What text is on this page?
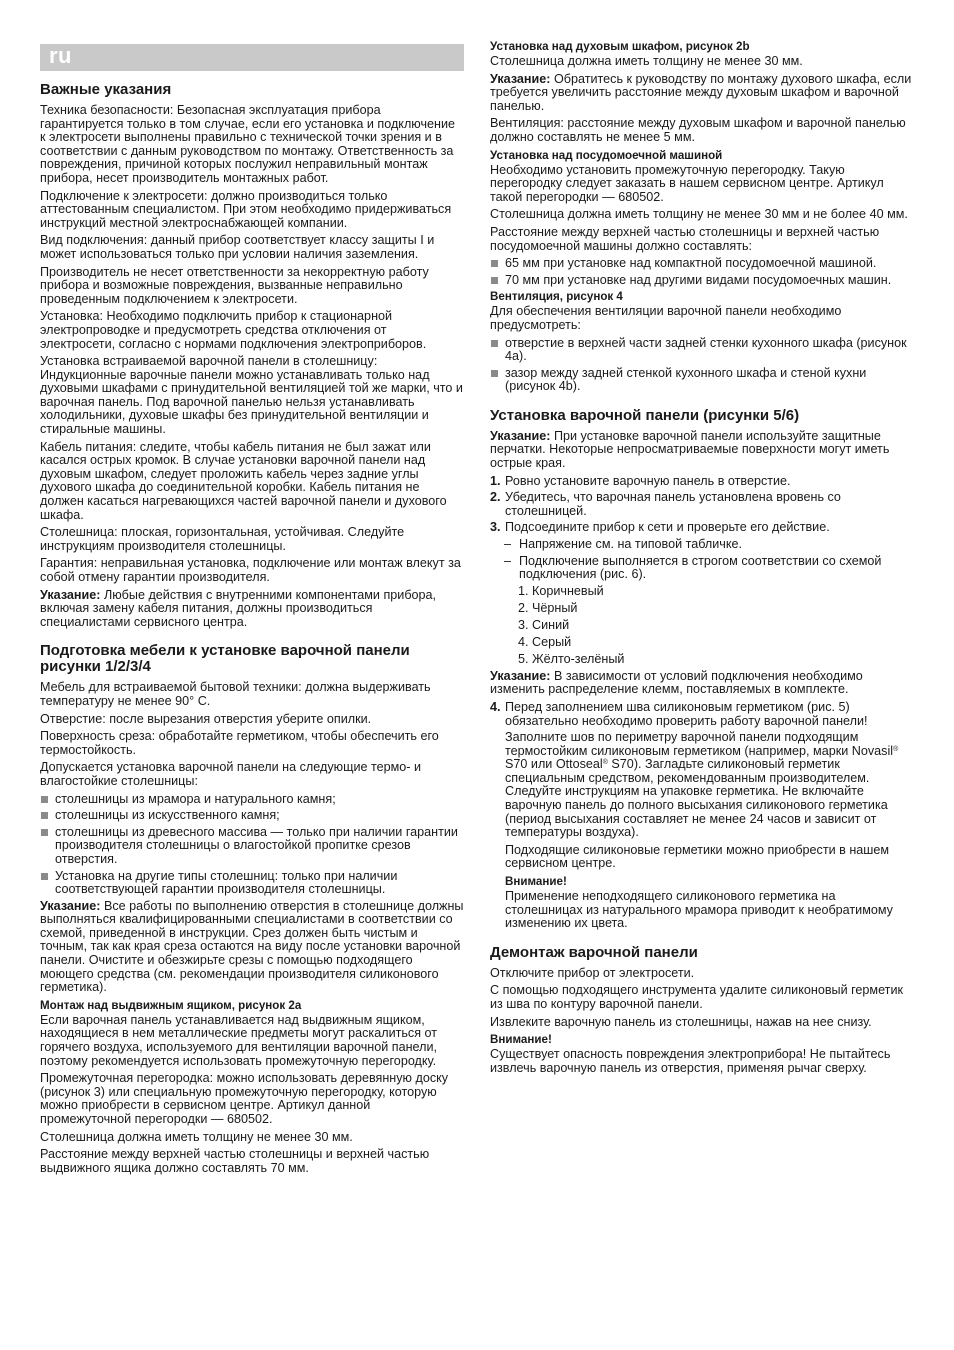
ru
Важные указания

Техника безопасности: Безопасная эксплуатация прибора гарантируется только в том случае, если его установка и подключение к электросети выполнены правильно с технической точки зрения и в соответствии с данным руководством по монтажу. Ответственность за повреждения, причиной которых послужил неправильный монтаж прибора, несет производитель монтажных работ.

Подключение к электросети: должно производиться только аттестованным специалистом. При этом необходимо придерживаться инструкций местной электроснабжающей компании.

Вид подключения: данный прибор соответствует классу защиты I и может использоваться только при условии наличия заземления.

Производитель не несет ответственности за некорректную работу прибора и возможные повреждения, вызванные неправильно проведенным подключением к электросети.

Установка: Необходимо подключить прибор к стационарной электропроводке и предусмотреть средства отключения от электросети, согласно с нормами подключения электроприборов.

Установка встраиваемой варочной панели в столешницу: Индукционные варочные панели можно устанавливать только над духовыми шкафами с принудительной вентиляцией той же марки, что и варочная панель. Под варочной панелью нельзя устанавливать холодильники, духовые шкафы без принудительной вентиляции и стиральные машины.

Кабель питания: следите, чтобы кабель питания не был зажат или касался острых кромок. В случае установки варочной панели над духовым шкафом, следует проложить кабель через задние углы духового шкафа до соединительной коробки. Кабель питания не должен касаться нагревающихся частей варочной панели и духового шкафа.

Столешница: плоская, горизонтальная, устойчивая. Следуйте инструкциям производителя столешницы.

Гарантия: неправильная установка, подключение или монтаж влекут за собой отмену гарантии производителя.

Указание: Любые действия с внутренними компонентами прибора, включая замену кабеля питания, должны производиться специалистами сервисного центра.

Подготовка мебели к установке варочной панели рисунки 1/2/3/4

Мебель для встраиваемой бытовой техники: должна выдерживать температуру не менее 90° C.

Отверстие: после вырезания отверстия уберите опилки.

Поверхность среза: обработайте герметиком, чтобы обеспечить его термостойкость.

Допускается установка варочной панели на следующие термо- и влагостойкие столешницы:

столешницы из мрамора и натурального камня;
столешницы из искусственного камня;
столешницы из древесного массива — только при наличии гарантии производителя столешницы о влагостойкой пропитке срезов отверстия.
Установка на другие типы столешниц: только при наличии соответствующей гарантии производителя столешницы.

Указание: Все работы по выполнению отверстия в столешнице должны выполняться квалифицированными специалистами в соответствии со схемой, приведенной в инструкции. Срез должен быть чистым и точным, так как края среза остаются на виду после установки варочной панели. Очистите и обезжирьте срезы с помощью подходящего моющего средства (см. рекомендации производителя силиконового герметика).

Монтаж над выдвижным ящиком, рисунок 2a

Если варочная панель устанавливается над выдвижным ящиком, находящиеся в нем металлические предметы могут раскалиться от горячего воздуха, используемого для вентиляции варочной панели, поэтому рекомендуется использовать промежуточную перегородку.

Промежуточная перегородка: можно использовать деревянную доску (рисунок 3) или специальную промежуточную перегородку, которую можно приобрести в сервисном центре. Артикул данной промежуточной перегородки — 680502.

Столешница должна иметь толщину не менее 30 мм.

Расстояние между верхней частью столешницы и верхней частью выдвижного ящика должно составлять 70 мм.

Установка над духовым шкафом, рисунок 2b

Столешница должна иметь толщину не менее 30 мм.

Указание: Обратитесь к руководству по монтажу духового шкафа, если требуется увеличить расстояние между духовым шкафом и варочной панелью.

Вентиляция: расстояние между духовым шкафом и варочной панелью должно составлять не менее 5 мм.

Установка над посудомоечной машиной

Необходимо установить промежуточную перегородку. Такую перегородку следует заказать в нашем сервисном центре. Артикул такой перегородки — 680502.

Столешница должна иметь толщину не менее 30 мм и не более 40 мм.

Расстояние между верхней частью столешницы и верхней частью посудомоечной машины должно составлять:

65 мм при установке над компактной посудомоечной машиной.
70 мм при установке над другими видами посудомоечных машин.
Вентиляция, рисунок 4

Для обеспечения вентиляции варочной панели необходимо предусмотреть:

отверстие в верхней части задней стенки кухонного шкафа (рисунок 4a).
зазор между задней стенкой кухонного шкафа и стеной кухни (рисунок 4b).
Установка варочной панели (рисунки 5/6)

Указание: При установке варочной панели используйте защитные перчатки. Некоторые непросматриваемые поверхности могут иметь острые края.

1. Ровно установите варочную панель в отверстие.
2. Убедитесь, что варочная панель установлена вровень со столешницей.
3. Подсоедините прибор к сети и проверьте его действие.
– Напряжение см. на типовой табличке.
– Подключение выполняется в строгом соответствии со схемой подключения (рис. 6).
1. Коричневый
2. Чёрный
3. Синий
4. Серый
5. Жёлто-зелёный

Указание: В зависимости от условий подключения необходимо изменить распределение клемм, поставляемых в комплекте.

4. Перед заполнением шва силиконовым герметиком (рис. 5) обязательно необходимо проверить работу варочной панели!

Заполните шов по периметру варочной панели подходящим термостойким силиконовым герметиком (например, марки Novasil® S70 или Ottoseal® S70). Загладьте силиконовый герметик специальным средством, рекомендованным производителем. Следуйте инструкциям на упаковке герметика. Не включайте варочную панель до полного высыхания силиконового герметика (период высыхания составляет не менее 24 часов и зависит от температуры воздуха).

Подходящие силиконовые герметики можно приобрести в нашем сервисном центре.

Внимание!

Применение неподходящего силиконового герметика на столешницах из натурального мрамора приводит к необратимому изменению их цвета.

Демонтаж варочной панели

Отключите прибор от электросети.

С помощью подходящего инструмента удалите силиконовый герметик из шва по контуру варочной панели.

Извлеките варочную панель из столешницы, нажав на нее снизу.

Внимание!

Существует опасность повреждения электроприбора! Не пытайтесь извлечь варочную панель из отверстия, применяя рычаг сверху.
